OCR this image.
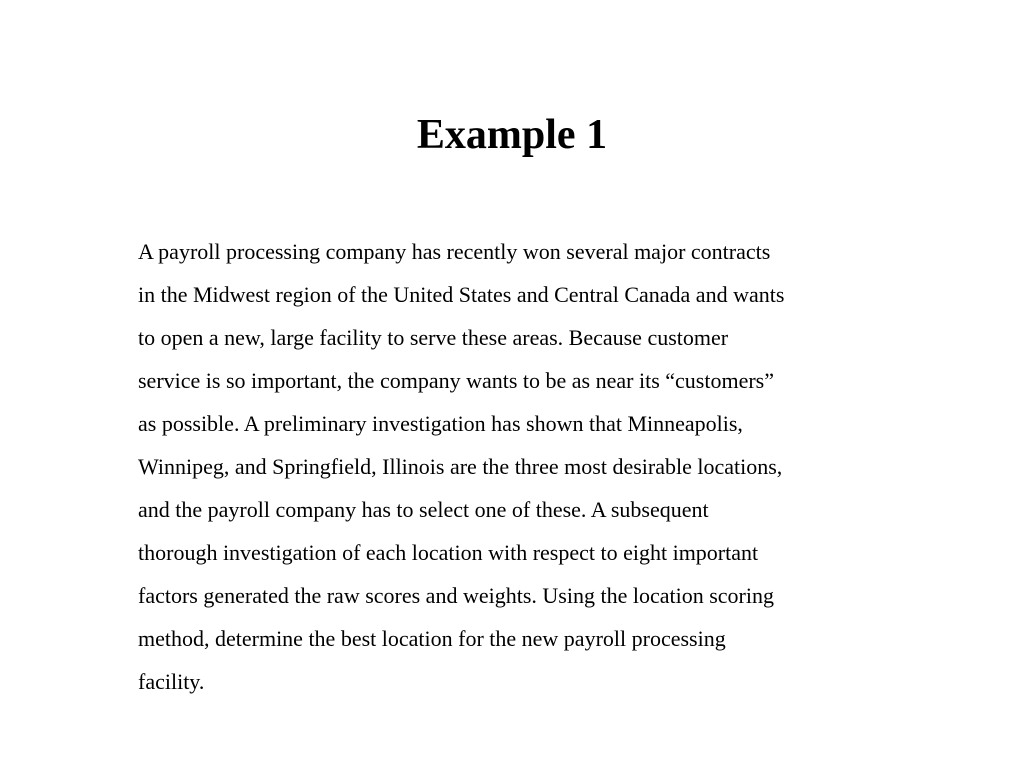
Example 1

A payroll processing company has recently won several major contracts
in the Midwest region of the United States and Central Canada and wants
to open a new, large facility to serve these areas. Because customer
service is so important, the company wants to be as near its “customers”
as possible. A preliminary investigation has shown that Minneapolis,
Winnipeg, and Springfield, Illinois are the three most desirable locations,
and the payroll company has to select one of these. A subsequent
thorough investigation of each location with respect to eight important
factors generated the raw scores and weights. Using the location scoring
method, determine the best location for the new payroll processing
facility.
